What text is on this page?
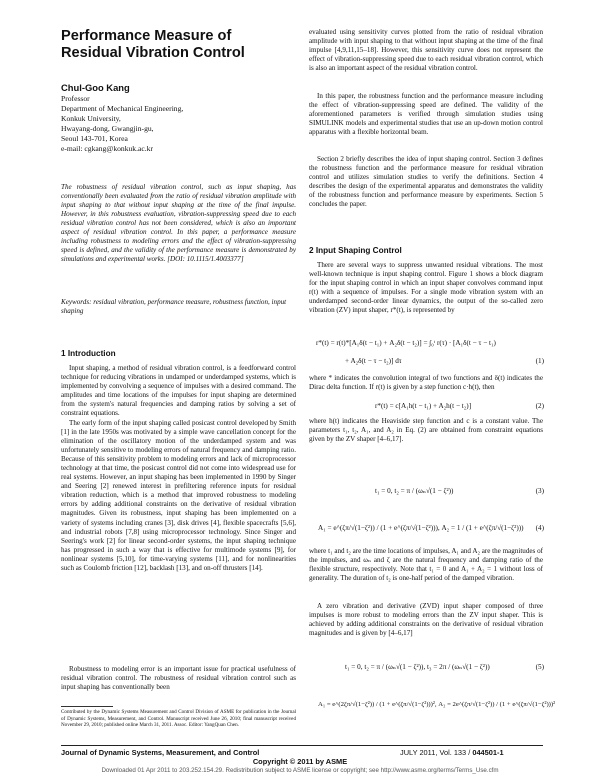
Performance Measure of Residual Vibration Control
Chul-Goo Kang
Professor
Department of Mechanical Engineering,
Konkuk University,
Hwayang-dong, Gwangjin-gu,
Seoul 143-701, Korea
e-mail: cgkang@konkuk.ac.kr
The robustness of residual vibration control, such as input shaping, has conventionally been evaluated from the ratio of residual vibration amplitude with input shaping to that without input shaping at the time of the final impulse. However, in this robustness evaluation, vibration-suppressing speed due to each residual vibration control has not been considered, which is also an important aspect of residual vibration control. In this paper, a performance measure including robustness to modeling errors and the effect of vibration-suppressing speed is defined, and the validity of the performance measure is demonstrated by simulations and experimental works. [DOI: 10.1115/1.4003377]
Keywords: residual vibration, performance measure, robustness function, input shaping
1 Introduction
Input shaping, a method of residual vibration control, is a feedforward control technique for reducing vibrations in undamped or underdamped systems, which is implemented by convolving a sequence of impulses with a desired command. The amplitudes and time locations of the impulses for input shaping are determined from the system's natural frequencies and damping ratios by solving a set of constraint equations.
The early form of the input shaping called posicast control developed by Smith [1] in the late 1950s was motivated by a simple wave cancellation concept for the elimination of the oscillatory motion of the underdamped system and was unfortunately sensitive to modeling errors of natural frequency and damping ratio. Because of this sensitivity problem to modeling errors and lack of microprocessor technology at that time, the posicast control did not come into widespread use for real systems. However, an input shaping has been implemented in 1990 by Singer and Seering [2] renewed interest in prefiltering reference inputs for residual vibration reduction, which is a method that improved robustness to modeling errors by adding additional constraints on the derivative of residual vibration magnitudes. Given its robustness, input shaping has been implemented on a variety of systems including cranes [3], disk drives [4], flexible spacecrafts [5,6], and industrial robots [7,8] using microprocessor technology. Since Singer and Seering's work [2] for linear second-order systems, the input shaping technique has progressed in such a way that is effective for multimode systems [9], for nonlinear systems [5,10], for time-varying systems [11], and for nonlinearities such as Coulomb friction [12], backlash [13], and on-off thrusters [14].
Robustness to modeling error is an important issue for practical usefulness of residual vibration control. The robustness of residual vibration control such as input shaping has conventionally been
Contributed by the Dynamic Systems Measurement and Control Division of ASME for publication in the Journal of Dynamic Systems, Measurement, and Control. Manuscript received June 26, 2010; final manuscript received November 29, 2010; published online March 31, 2011. Assoc. Editor: YangQuan Chen.
evaluated using sensitivity curves plotted from the ratio of residual vibration amplitude with input shaping to that without input shaping at the time of the final impulse [4,9,11,15–18]. However, this sensitivity curve does not represent the effect of vibration-suppressing speed due to each residual vibration control, which is also an important aspect of the residual vibration control.
In this paper, the robustness function and the performance measure including the effect of vibration-suppressing speed are defined. The validity of the aforementioned parameters is verified through simulation studies using SIMULINK models and experimental studies that use an up-down motion control apparatus with a flexible horizontal beam.
Section 2 briefly describes the idea of input shaping control. Section 3 defines the robustness function and the performance measure for residual vibration control and utilizes simulation studies to verify the definitions. Section 4 describes the design of the experimental apparatus and demonstrates the validity of the robustness function and performance measure by experiments. Section 5 concludes the paper.
2 Input Shaping Control
There are several ways to suppress unwanted residual vibrations. The most well-known technique is input shaping control. Figure 1 shows a block diagram for the input shaping control in which an input shaper convolves command input r(t) with a sequence of impulses. For a single mode vibration system with an underdamped second-order linear dynamics, the output of the so-called zero vibration (ZV) input shaper, r*(t), is represented by
r*(t) = r(t)*[A₁δ(t − t₁) + A₂δ(t − t₂)] = ∫₀ᵗ r(τ) · [A₁δ(t − τ − t₁)
+ A₂δ(t − τ − t₂)] dτ	(1)
where * indicates the convolution integral of two functions and δ(t) indicates the Dirac delta function. If r(t) is given by a step function c·h(t), then
r*(t) = c[A₁h(t − t₁) + A₂h(t − t₂)]	(2)
where h(t) indicates the Heaviside step function and c is a constant value. The parameters t₁, t₂, A₁, and A₂ in Eq. (2) are obtained from constraint equations given by the ZV shaper [4–6,17].
t₁ = 0, t₂ = π / (ωₙ√(1 − ζ²))	(3)
A₁ = e^(ζπ/√(1−ζ²)) / (1 + e^(ζπ/√(1−ζ²))), A₂ = 1 / (1 + e^(ζπ/√(1−ζ²))) (4)
where t₁ and t₂ are the time locations of impulses, A₁ and A₂ are the magnitudes of the impulses, and ωₙ and ζ are the natural frequency and damping ratio of the flexible structure, respectively. Note that t₁ = 0 and A₁ + A₂ = 1 without loss of generality. The duration of t₂ is one-half period of the damped vibration.
A zero vibration and derivative (ZVD) input shaper composed of three impulses is more robust to modeling errors than the ZV input shaper. This is achieved by adding additional constraints on the derivative of residual vibration magnitudes and is given by [4–6,17]
t₁ = 0, t₂ = π / (ωₙ√(1 − ζ²)), t₃ = 2π / (ωₙ√(1 − ζ²))	(5)
A₁ = e^(2ζπ/√(1−ζ²)) / (1 + e^(ζπ/√(1−ζ²)))², A₂ = 2e^(ζπ/√(1−ζ²)) / (1 + e^(ζπ/√(1−ζ²)))²
Journal of Dynamic Systems, Measurement, and Control	JULY 2011, Vol. 133 / 044501-1
Copyright © 2011 by ASME
Downloaded 01 Apr 2011 to 203.252.154.29. Redistribution subject to ASME license or copyright; see http://www.asme.org/terms/Terms_Use.cfm
